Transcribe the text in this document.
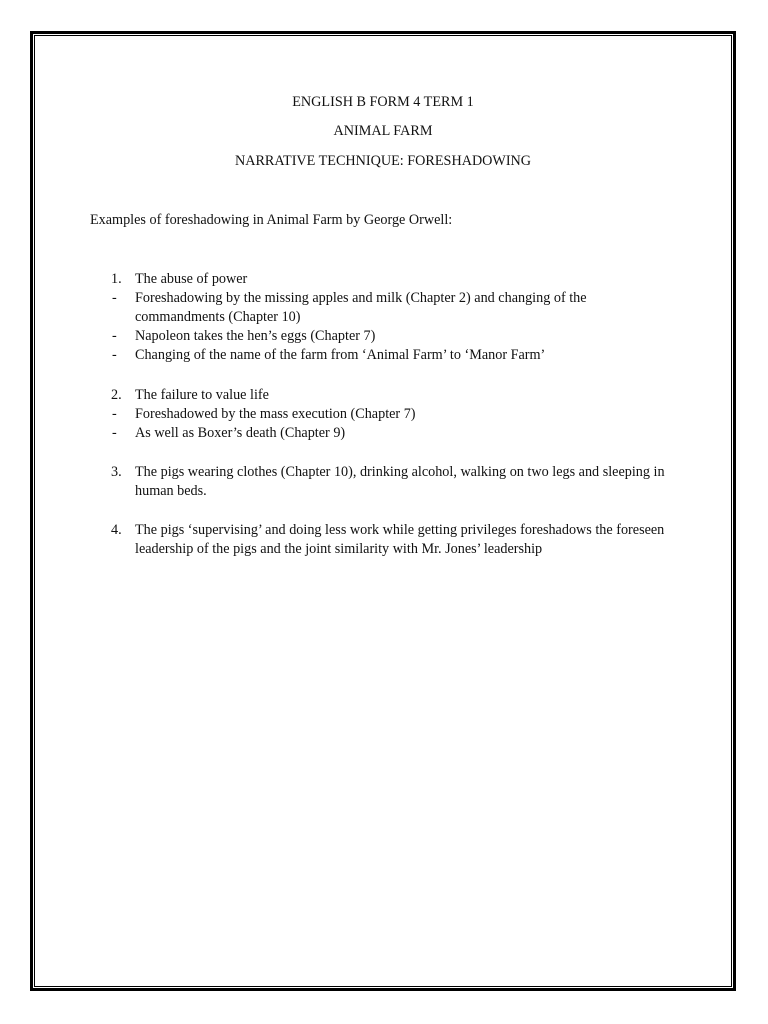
ENGLISH B FORM 4 TERM 1
ANIMAL FARM
NARRATIVE TECHNIQUE: FORESHADOWING
Examples of foreshadowing in Animal Farm by George Orwell:
1. The abuse of power
- Foreshadowing by the missing apples and milk (Chapter 2) and changing of the commandments (Chapter 10)
- Napoleon takes the hen’s eggs (Chapter 7)
- Changing of the name of the farm from ‘Animal Farm’ to ‘Manor Farm’
2. The failure to value life
- Foreshadowed by the mass execution (Chapter 7)
- As well as Boxer’s death (Chapter 9)
3. The pigs wearing clothes (Chapter 10), drinking alcohol, walking on two legs and sleeping in human beds.
4. The pigs ‘supervising’ and doing less work while getting privileges foreshadows the foreseen leadership of the pigs and the joint similarity with Mr. Jones’ leadership
